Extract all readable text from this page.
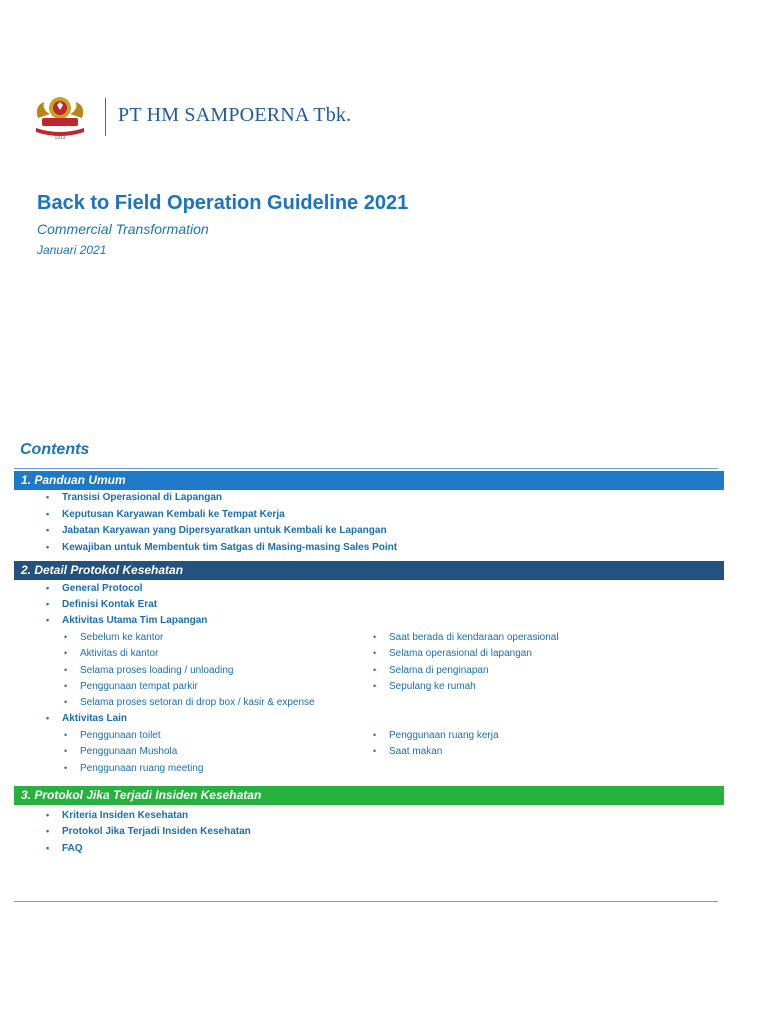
1913
PT HM SAMPOERNA Tbk.
Back to Field Operation Guideline 2021
Commercial Transformation
Januari 2021
Contents
1. Panduan Umum
• Transisi Operasional di Lapangan
• Keputusan Karyawan Kembali ke Tempat Kerja
• Jabatan Karyawan yang Dipersyaratkan untuk Kembali ke Lapangan
• Kewajiban untuk Membentuk tim Satgas di Masing-masing Sales Point
2. Detail Protokol Kesehatan
• General Protocol
• Definisi Kontak Erat
• Aktivitas Utama Tim Lapangan
• Sebelum ke kantor
• Aktivitas di kantor
• Selama proses loading / unloading
• Penggunaan tempat parkir
• Selama proses setoran di drop box / kasir & expense
• Saat berada di kendaraan operasional
• Selama operasional di lapangan
• Selama di penginapan
• Sepulang ke rumah
• Aktivitas Lain
• Penggunaan toilet
• Penggunaan Mushola
• Penggunaan ruang meeting
• Penggunaan ruang kerja
• Saat makan
3. Protokol Jika Terjadi Insiden Kesehatan
• Kriteria Insiden Kesehatan
• Protokol Jika Terjadi Insiden Kesehatan
• FAQ
